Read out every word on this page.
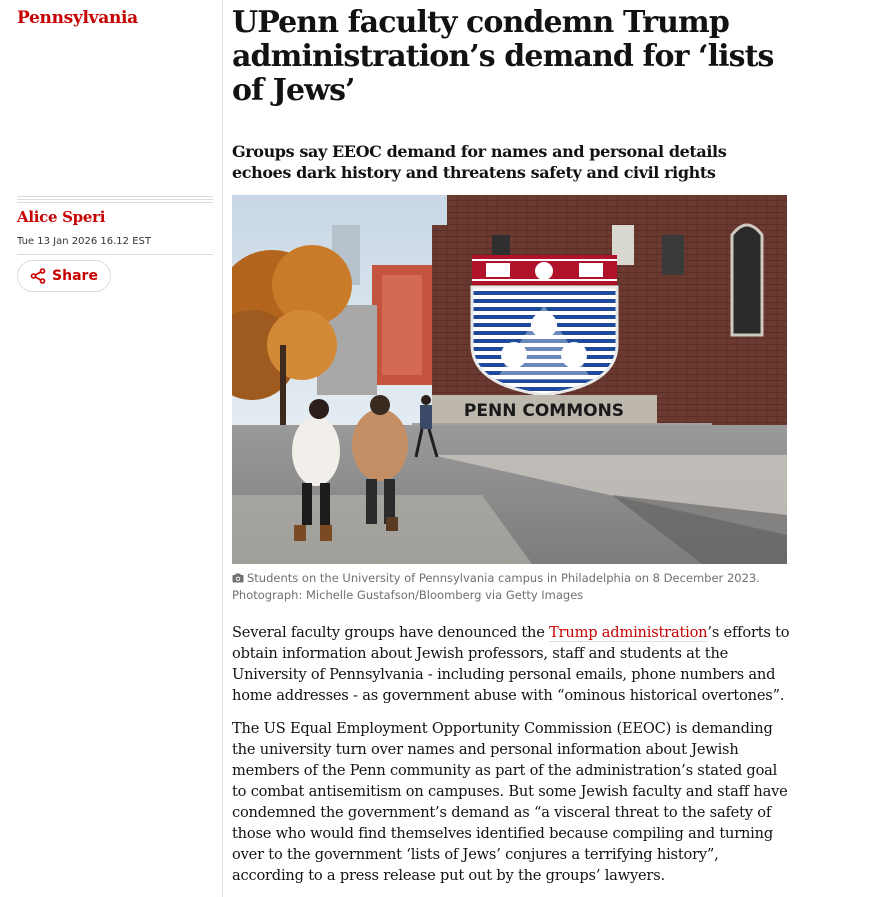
Pennsylvania
Alice Speri
Tue 13 Jan 2026 16.12 EST
Share
UPenn faculty condemn Trump administration’s demand for ‘lists of Jews’
Groups say EEOC demand for names and personal details echoes dark history and threatens safety and civil rights
PENN COMMONS

Students on the University of Pennsylvania campus in Philadelphia on 8 December 2023. Photograph: Michelle Gustafson/Bloomberg via Getty Images

Several faculty groups have denounced the Trump administration’s efforts to obtain information about Jewish professors, staff and students at the University of Pennsylvania - including personal emails, phone numbers and home addresses - as government abuse with “ominous historical overtones”.

The US Equal Employment Opportunity Commission (EEOC) is demanding the university turn over names and personal information about Jewish members of the Penn community as part of the administration’s stated goal to combat antisemitism on campuses. But some Jewish faculty and staff have condemned the government’s demand as “a visceral threat to the safety of those who would find themselves identified because compiling and turning over to the government ‘lists of Jews’ conjures a terrifying history”, according to a press release put out by the groups’ lawyers.
